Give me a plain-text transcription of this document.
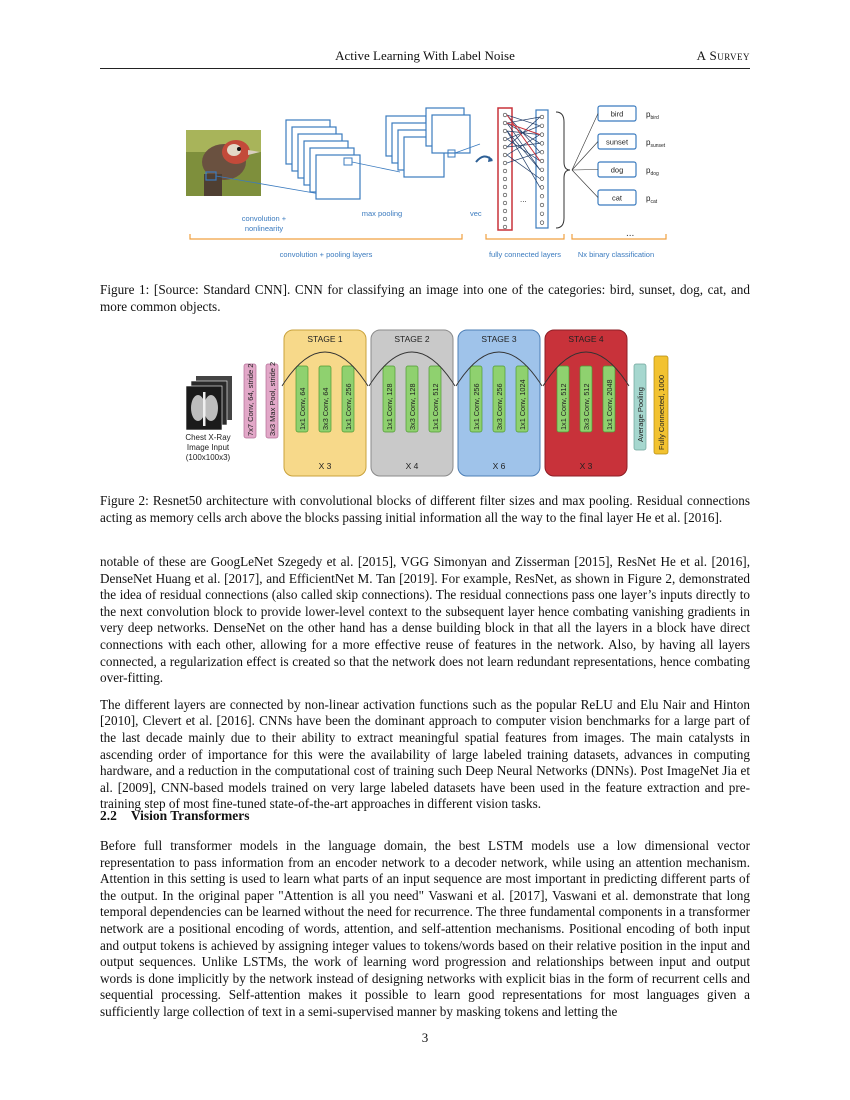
Active Learning With Label Noise	A Survey
...
bird	$p_{bird}$
sunset $p_{sunset}$
dog	$p_{dog}$
cat	$p_{cat}$
...
convolution +
nonlinearity
max pooling	vec
convolution + pooling layers	fully connected layers Nx binary classification
Figure 1: [Source: Standard CNN]. CNN for classifying an image into one of the categories: bird, sunset, dog, cat, and more common objects.
Chest X-Ray
Image Input
(100x100x3)
7x7 Conv, 64, stride 2 3x3 Max Pool, stride 2
STAGE 1
1x1 Conv, 64 3x3 Conv, 64 1x1 Conv, 256
X 3
STAGE 2
1x1 Conv, 128 3x3 Conv, 128 1x1 Conv, 512
X 4
STAGE 3
1x1 Conv, 256 3x3 Conv, 256 1x1 Conv, 1024
X 6
STAGE 4
1x1 Conv, 512 3x3 Conv, 512 1x1 Conv, 2048
X 3
Average Pooling Fully Connected, 1000
Figure 2: Resnet50 architecture with convolutional blocks of different filter sizes and max pooling. Residual connections acting as memory cells arch above the blocks passing initial information all the way to the final layer He et al. [2016].

notable of these are GoogLeNet Szegedy et al. [2015], VGG Simonyan and Zisserman [2015], ResNet He et al. [2016], DenseNet Huang et al. [2017], and EfficientNet M. Tan [2019]. For example, ResNet, as shown in Figure 2, demonstrated the idea of residual connections (also called skip connections). The residual connections pass one layer’s inputs directly to the next convolution block to provide lower-level context to the subsequent layer hence combating vanishing gradients in very deep networks. DenseNet on the other hand has a dense building block in that all the layers in a block have direct connections with each other, allowing for a more effective reuse of features in the network. Also, by having all layers connected, a regularization effect is created so that the network does not learn redundant representations, hence combating over-fitting.

The different layers are connected by non-linear activation functions such as the popular ReLU and Elu Nair and Hinton [2010], Clevert et al. [2016]. CNNs have been the dominant approach to computer vision benchmarks for a large part of the last decade mainly due to their ability to extract meaningful spatial features from images. The main catalysts in ascending order of importance for this were the availability of large labeled training datasets, advances in computing hardware, and a reduction in the computational cost of training such Deep Neural Networks (DNNs). Post ImageNet Jia et al. [2009], CNN-based models trained on very large labeled datasets have been used in the feature extraction and pre-training step of most fine-tuned state-of-the-art approaches in different vision tasks.

2.2 Vision Transformers

Before full transformer models in the language domain, the best LSTM models use a low dimensional vector representation to pass information from an encoder network to a decoder network, while using an attention mechanism. Attention in this setting is used to learn what parts of an input sequence are most important in predicting different parts of the output. In the original paper "Attention is all you need" Vaswani et al. [2017], Vaswani et al. demonstrate that long temporal dependencies can be learned without the need for recurrence. The three fundamental components in a transformer network are a positional encoding of words, attention, and self-attention mechanisms. Positional encoding of both input and output tokens is achieved by assigning integer values to tokens/words based on their relative position in the input and output sequences. Unlike LSTMs, the work of learning word progression and relationships between input and output words is done implicitly by the network instead of designing networks with explicit bias in the form of recurrent cells and sequential processing. Self-attention makes it possible to learn good representations for most languages given a sufficiently large collection of text in a semi-supervised manner by masking tokens and letting the

3
